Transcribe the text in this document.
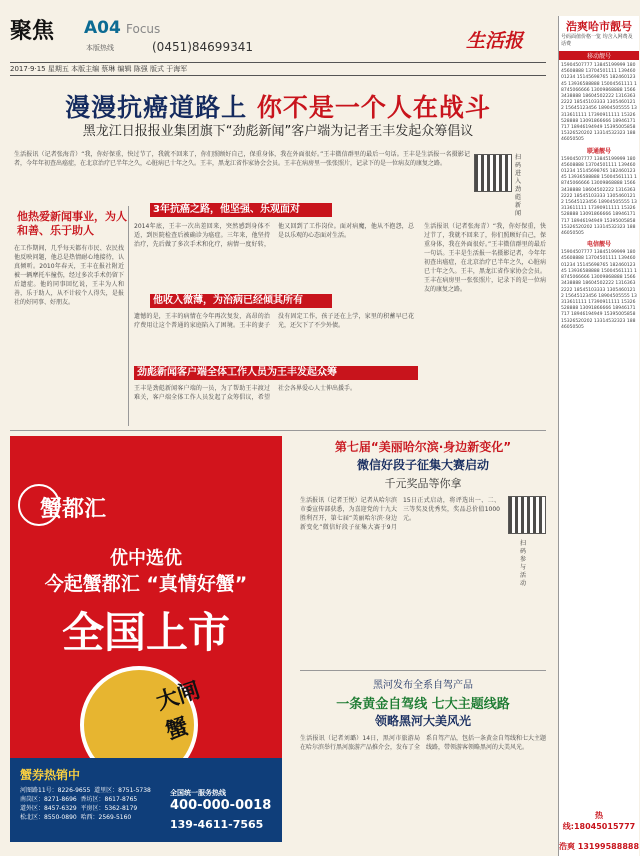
聚焦 A04 Focus
本版热线	(0451)84699341	生活报
2017·9·15 星期五 本版主编 蔡琳 编辑 陈强 版式 于海军
漫漫抗癌道路上 你不是一个人在战斗
黑龙江日报报业集团旗下“劲彪新闻”客户端为记者王丰发起众筹倡议
生活报讯（记者张海青）“我，你好保重，快过节了，我就不回来了，你们照顾好自己，保重身体，我在外面很好。”王丰微信群里的最后一句话。王丰是生活报一名摄影记者，今年年初查出癌症，在北京治疗已半年之久，心脏病已十年之久。王丰，黑龙江省作家协会会员。王丰在病房里一张张照片，记录下的是一位病友的康复之路。
扫码进入劲彪新闻
他热爱新闻事业，为人和善、乐于助人
在工作期间，几乎每天都有市民、农民找他反映问题，他总是热情耐心地接待，认真倾听。2010年春天，王丰在报社附近被一辆摩托车撞伤，经过多次手术仍留下后遗症。他的同事回忆说，王丰为人和善，乐于助人，从不计较个人得失，是报社的好同事、好朋友。
3年抗癌之路，他坚强、乐观面对
2014年底，王丰一次出差回来，突然感到身体不适，到医院检查后被确诊为癌症。三年来，他坚持治疗，先后做了多次手术和化疗，病情一度好转，他又回到了工作岗位。面对病魔，他从不抱怨，总是以乐观的心态面对生活。
他收入微薄，为治病已经倾其所有
遗憾的是，王丰的病情在今年再次复发，高昂的治疗费用让这个普通的家庭陷入了困境。王丰的妻子没有固定工作，孩子还在上学，家里的积蓄早已花光，还欠下了不少外债。
劲彪新闻客户端全体工作人员为王丰发起众筹
王丰是劲彪新闻客户端的一员，为了帮助王丰渡过难关，客户端全体工作人员发起了众筹倡议，希望社会各界爱心人士伸出援手。
生活报讯（记者张海青）“我，你好保重，快过节了，我就不回来了，你们照顾好自己，保重身体，我在外面很好。”王丰微信群里的最后一句话。王丰是生活报一名摄影记者，今年年初查出癌症，在北京治疗已半年之久，心脏病已十年之久。王丰，黑龙江省作家协会会员。王丰在病房里一张张照片，记录下的是一位病友的康复之路。
蟹都汇
优中选优
今起蟹都汇 “真情好蟹”
全国上市
大闸蟹
蟹券热销中
河图路11号：8226-9655  道里区：8751-5738
南岗区：8271-8696  香坊区：8617-8765
道外区：8457-6329  平房区：5362-8179
松北区：8550-0890  哈西：2569-5160
全国统一服务热线
400-000-0018
139-4611-7565
第七届“美丽哈尔滨·身边新变化”
微信好段子征集大赛启动
千元奖品等你拿
生活报讯（记者王悦）记者从哈尔滨市委宣传部获悉，为喜迎党的十九大胜利召开，第七届“美丽哈尔滨·身边新变化”微信好段子征集大赛于9月15日正式启动，将评选出一、二、三等奖及优秀奖，奖品总价值1000元。
扫码参与活动
黑河发布全系自驾产品
一条黄金自驾线 七大主题线路
领略黑河大美风光
生活报讯（记者刘璐）14日，黑河市旅游局在哈尔滨举行黑河旅游产品推介会，发布了全系自驾产品，包括一条黄金自驾线和七大主题线路，带领游客领略黑河的大美风光。
浩爽哈市靓号
号码面值价格一览 均含入网费及话费
移动靓号
15904507777 13845199999 18045608888 13704501111 13946001234 15145698765 18246012345 13936588888 15004561111 18745066666 13009868888 15663438888 18604502222 13163632222 18545103333 13054601212 15645123456 18904505555 13313611111 17390911111 15326528888 13091866666 18946171717 18946194949 15395005858 15326520202 13314532323 18846050505
联通靓号
15904507777 13845199999 18045608888 13704501111 13946001234 15145698765 18246012345 13936588888 15004561111 18745066666 13009868888 15663438888 18604502222 13163632222 18545103333 13054601212 15645123456 18904505555 13313611111 17390911111 15326528888 13091866666 18946171717 18946194949 15395005858 15326520202 13314532323 18846050505
电信靓号
15904507777 13845199999 18045608888 13704501111 13946001234 15145698765 18246012345 13936588888 15004561111 18745066666 13009868888 15663438888 18604502222 13163632222 18545103333 13054601212 15645123456 18904505555 13313611111 17390911111 15326528888 13091866666 18946171717 18946194949 15395005858 15326520202 13314532323 18846050505
热线:18045015777
浩爽 13199588888
